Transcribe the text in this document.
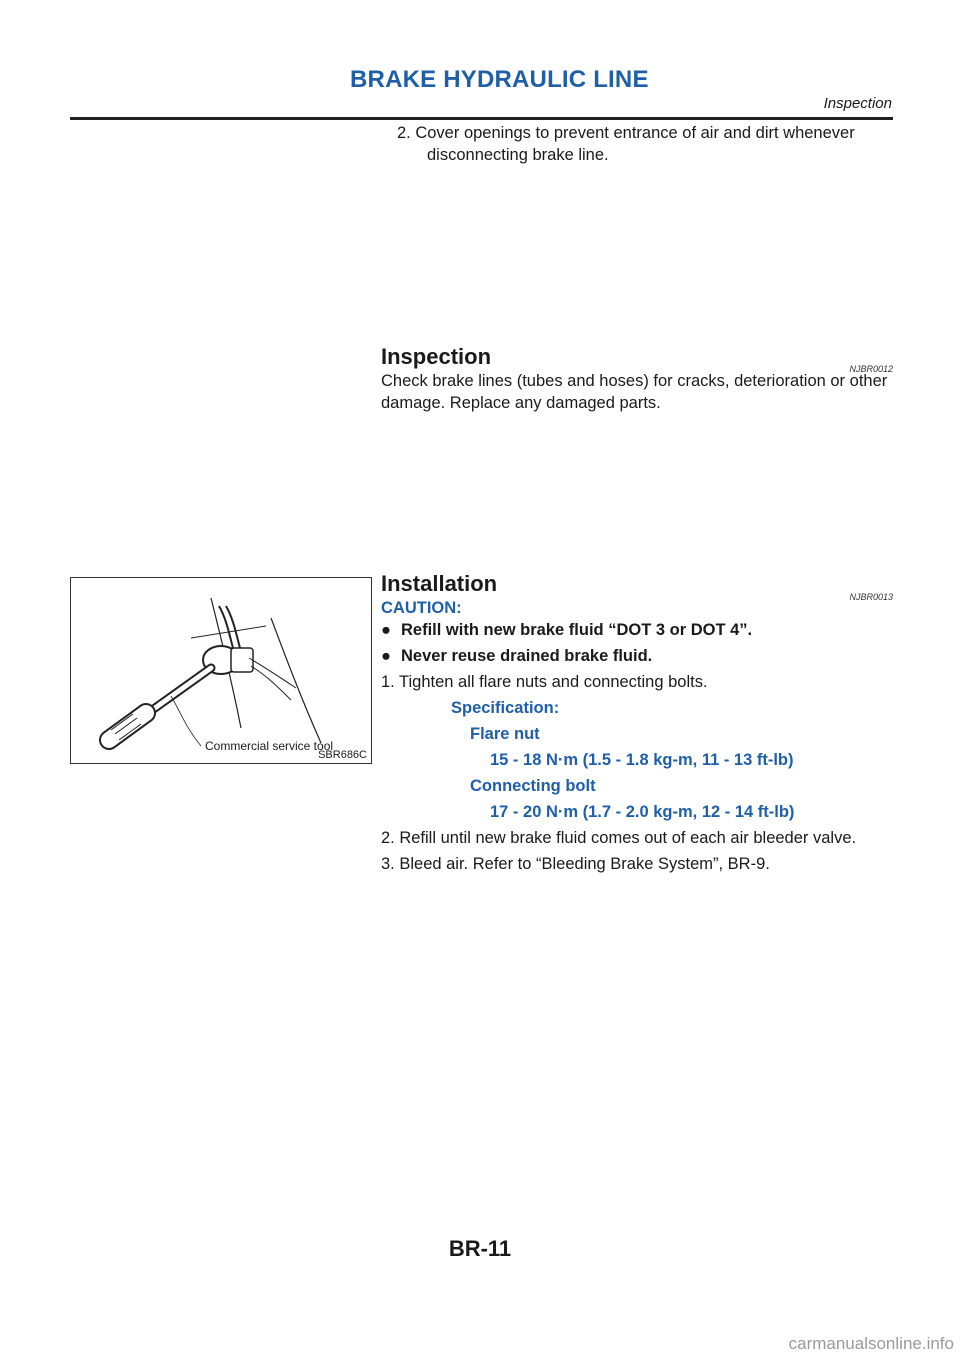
BRAKE HYDRAULIC LINE
Inspection

2. Cover openings to prevent entrance of air and dirt whenever disconnecting brake line.

Inspection	NJBR0012
Check brake lines (tubes and hoses) for cracks, deterioration or other damage. Replace any damaged parts.
Commercial service tool
SBR686C
Installation
NJBR0013

CAUTION:

● Refill with new brake fluid “DOT 3 or DOT 4”.
● Never reuse drained brake fluid.

1. Tighten all flare nuts and connecting bolts.

Specification:

Flare nut

15 - 18 N·m (1.5 - 1.8 kg-m, 11 - 13 ft-lb)

Connecting bolt

17 - 20 N·m (1.7 - 2.0 kg-m, 12 - 14 ft-lb)

2. Refill until new brake fluid comes out of each air bleeder valve.

3. Bleed air. Refer to “Bleeding Brake System”, BR-9.

BR-11
carmanualsonline.info
